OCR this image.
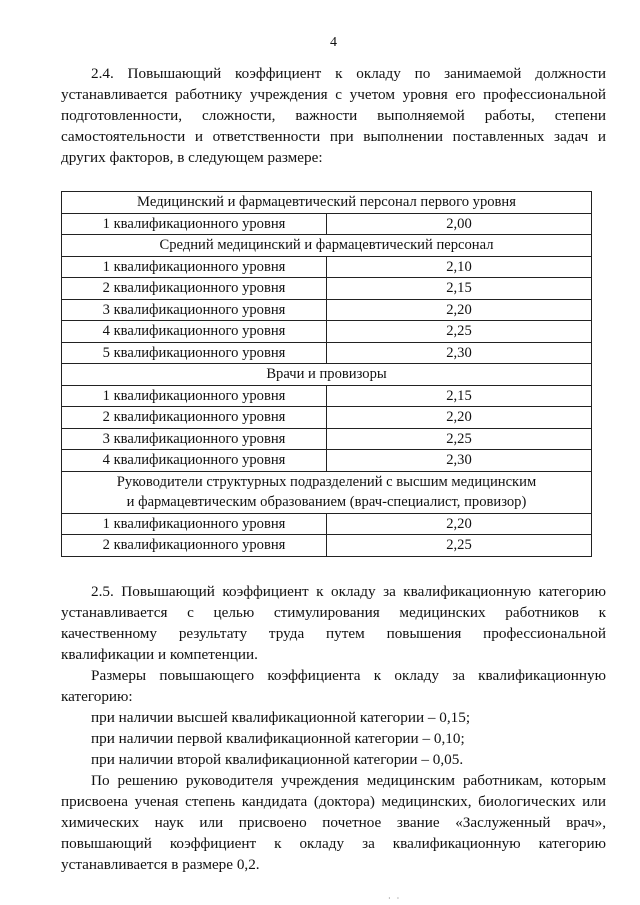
4

2.4. Повышающий коэффициент к окладу по занимаемой должности устанавливается работнику учреждения с учетом уровня его профессиональной подготовленности, сложности, важности выполняемой работы, степени самостоятельности и ответственности при выполнении поставленных задач и других факторов, в следующем размере:

Медицинский и фармацевтический персонал первого уровня	
1 квалификационного уровня	2,00
Средний медицинский и фармацевтический персонал	
1 квалификационного уровня	2,10
2 квалификационного уровня	2,15
3 квалификационного уровня	2,20
4 квалификационного уровня	2,25
5 квалификационного уровня	2,30
Врачи и провизоры	
1 квалификационного уровня	2,15
2 квалификационного уровня	2,20
3 квалификационного уровня	2,25
4 квалификационного уровня	2,30

Руководители структурных подразделений с высшим медицинским
и фармацевтическим образованием (врач-специалист, провизор)	

1 квалификационного уровня	2,20
2 квалификационного уровня	2,25

2.5. Повышающий коэффициент к окладу за квалификационную категорию устанавливается с целью стимулирования медицинских работников к качественному результату труда путем повышения профессиональной квалификации и компетенции.

Размеры повышающего коэффициента к окладу за квалификационную категорию:

при наличии высшей квалификационной категории – 0,15;

при наличии первой квалификационной категории – 0,10;

при наличии второй квалификационной категории – 0,05.

По решению руководителя учреждения медицинским работникам, которым присвоена ученая степень кандидата (доктора) медицинских, биологических или химических наук или присвоено почетное звание «Заслуженный врач», повышающий коэффициент к окладу за квалификационную категорию устанавливается в размере 0,2.

· ·
